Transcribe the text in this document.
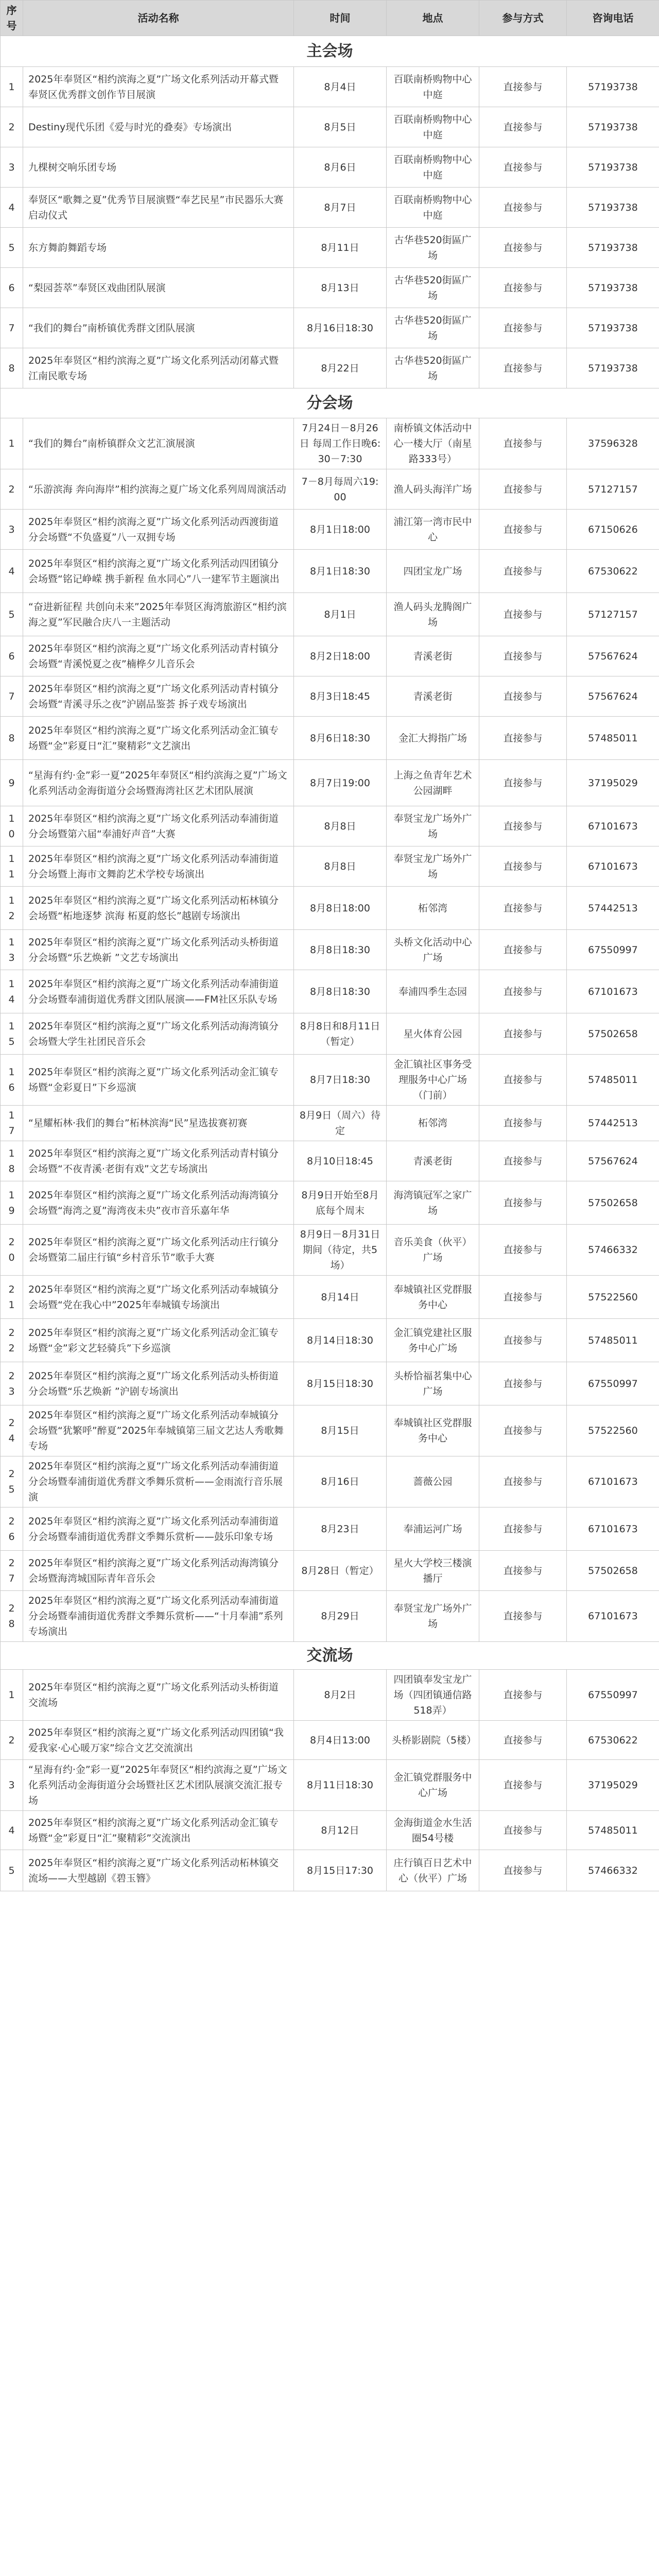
序号	活动名称	时间	地点	参与方式	咨询电话
主会场					
1	2025年奉贤区“相约滨海之夏”广场文化系列活动开幕式暨奉贤区优秀群文创作节目展演	8月4日	百联南桥购物中心中庭	直接参与	57193738
2	Destiny现代乐团《爱与时光的叠奏》专场演出	8月5日	百联南桥购物中心中庭	直接参与	57193738
3	九棵树交响乐团专场	8月6日	百联南桥购物中心中庭	直接参与	57193738
4	奉贤区“歌舞之夏”优秀节目展演暨“奉艺民星”市民器乐大赛启动仪式	8月7日	百联南桥购物中心中庭	直接参与	57193738
5	东方舞韵舞蹈专场	8月11日	古华巷520街區广场	直接参与	57193738
6	“梨园荟萃”奉贤区戏曲团队展演	8月13日	古华巷520街區广场	直接参与	57193738
7	“我们的舞台”南桥镇优秀群文团队展演	8月16日18:30	古华巷520街區广场	直接参与	57193738
8	2025年奉贤区“相约滨海之夏”广场文化系列活动闭幕式暨江南民歌专场	8月22日	古华巷520街區广场	直接参与	57193738
分会场					
1	“我们的舞台”南桥镇群众文艺汇演展演	7月24日－8月26日 每周工作日晚6:30－7:30	南桥镇文体活动中心一楼大厅（南星路333号）	直接参与	37596328
2	“乐游滨海 奔向海岸”相约滨海之夏广场文化系列周周演活动	7－8月每周六19:00	渔人码头海洋广场	直接参与	57127157
3	2025年奉贤区“相约滨海之夏”广场文化系列活动西渡街道分会场暨“不负盛夏”八一双拥专场	8月1日18:00	浦江第一湾市民中心	直接参与	67150626
4	2025年奉贤区“相约滨海之夏”广场文化系列活动四团镇分会场暨“铭记峥嵘 携手新程 鱼水同心”八一建军节主题演出	8月1日18:30	四团宝龙广场	直接参与	67530622
5	“奋进新征程 共创向未来”2025年奉贤区海湾旅游区“相约滨海之夏”军民融合庆八一主题活动	8月1日	渔人码头龙腾阁广场	直接参与	57127157
6	2025年奉贤区“相约滨海之夏”广场文化系列活动青村镇分会场暨“青溪悦夏之夜”楠桦夕儿音乐会	8月2日18:00	青溪老街	直接参与	57567624
7	2025年奉贤区“相约滨海之夏”广场文化系列活动青村镇分会场暨“青溪寻乐之夜”沪剧品鉴荟 拆子戏专场演出	8月3日18:45	青溪老街	直接参与	57567624
8	2025年奉贤区“相约滨海之夏”广场文化系列活动金汇镇专场暨“金”彩夏日“汇”聚精彩”文艺演出	8月6日18:30	金汇大拇指广场	直接参与	57485011
9	“星海有约·金”彩一夏”2025年奉贤区“相约滨海之夏”广场文化系列活动金海街道分会场暨海湾社区艺术团队展演	8月7日19:00	上海之鱼青年艺术公园湖畔	直接参与	37195029
10	2025年奉贤区“相约滨海之夏”广场文化系列活动奉浦街道分会场暨第六届“奉浦好声音”大赛	8月8日	奉贤宝龙广场外广场	直接参与	67101673
11	2025年奉贤区“相约滨海之夏”广场文化系列活动奉浦街道分会场暨上海市文舞韵艺术学校专场演出	8月8日	奉贤宝龙广场外广场	直接参与	67101673
12	2025年奉贤区“相约滨海之夏”广场文化系列活动柘林镇分会场暨“柘地逐梦 滨海 柘夏韵悠长”越剧专场演出	8月8日18:00	柘邻湾	直接参与	57442513
13	2025年奉贤区“相约滨海之夏”广场文化系列活动头桥街道分会场暨“乐艺焕新 ”文艺专场演出	8月8日18:30	头桥文化活动中心广场	直接参与	67550997
14	2025年奉贤区“相约滨海之夏”广场文化系列活动奉浦街道分会场暨奉浦街道优秀群文团队展演——FM社区乐队专场	8月8日18:30	奉浦四季生态园	直接参与	67101673
15	2025年奉贤区“相约滨海之夏”广场文化系列活动海湾镇分会场暨大学生社团民音乐会	8月8日和8月11日（暂定）	星火体育公园	直接参与	57502658
16	2025年奉贤区“相约滨海之夏”广场文化系列活动金汇镇专场暨“金彩夏日”下乡巡演	8月7日18:30	金汇镇社区事务受理服务中心广场（门前）	直接参与	57485011
17	“星耀柘林·我们的舞台”柘林滨海“民”星选拔赛初赛	8月9日（周六）待定	柘邻湾	直接参与	57442513
18	2025年奉贤区“相约滨海之夏”广场文化系列活动青村镇分会场暨“不夜青溪·老街有戏”文艺专场演出	8月10日18:45	青溪老街	直接参与	57567624
19	2025年奉贤区“相约滨海之夏”广场文化系列活动海湾镇分会场暨“海湾之夏”海湾夜未央”夜市音乐嘉年华	8月9日开始至8月底每个周末	海湾镇冠军之家广场	直接参与	57502658
20	2025年奉贤区“相约滨海之夏”广场文化系列活动庄行镇分会场暨第二届庄行镇“乡村音乐节”歌手大赛	8月9日－8月31日期间（待定，共5场）	音乐美食（伙平）广场	直接参与	57466332
21	2025年奉贤区“相约滨海之夏”广场文化系列活动奉城镇分会场暨“党在我心中”2025年奉城镇专场演出	8月14日	奉城镇社区党群服务中心	直接参与	57522560
22	2025年奉贤区“相约滨海之夏”广场文化系列活动金汇镇专场暨“金”彩文艺轻骑兵”下乡巡演	8月14日18:30	金汇镇党建社区服务中心广场	直接参与	57485011
23	2025年奉贤区“相约滨海之夏”广场文化系列活动头桥街道分会场暨“乐艺焕新 ”沪剧专场演出	8月15日18:30	头桥恰福茗集中心广场	直接参与	67550997
24	2025年奉贤区“相约滨海之夏”广场文化系列活动奉城镇分会场暨“犹繁呼”醉夏”2025年奉城镇第三届文艺达人秀歌舞专场	8月15日	奉城镇社区党群服务中心	直接参与	57522560
25	2025年奉贤区“相约滨海之夏”广场文化系列活动奉浦街道分会场暨奉浦街道优秀群文季舞乐赏析——金雨流行音乐展演	8月16日	蔷薇公园	直接参与	67101673
26	2025年奉贤区“相约滨海之夏”广场文化系列活动奉浦街道分会场暨奉浦街道优秀群文季舞乐赏析——鼓乐印象专场	8月23日	奉浦运河广场	直接参与	67101673
27	2025年奉贤区“相约滨海之夏”广场文化系列活动海湾镇分会场暨海湾城国际青年音乐会	8月28日（暂定）	星火大学校三楼演播厅	直接参与	57502658
28	2025年奉贤区“相约滨海之夏”广场文化系列活动奉浦街道分会场暨奉浦街道优秀群文季舞乐赏析——“十月奉浦”系列专场演出	8月29日	奉贤宝龙广场外广场	直接参与	67101673
交流场					
1	2025年奉贤区“相约滨海之夏”广场文化系列活动头桥街道交流场	8月2日	四团镇奉发宝龙广场（四团镇通信路518弄）	直接参与	67550997
2	2025年奉贤区“相约滨海之夏”广场文化系列活动四团镇“我爱我家·心心暖万家”综合文艺交流演出	8月4日13:00	头桥影剧院（5楼）	直接参与	67530622
3	“星海有约·金”彩一夏”2025年奉贤区“相约滨海之夏”广场文化系列活动金海街道分会场暨社区艺术团队展演交流汇报专场	8月11日18:30	金汇镇党群服务中心广场	直接参与	37195029
4	2025年奉贤区“相约滨海之夏”广场文化系列活动金汇镇专场暨“金”彩夏日“汇”聚精彩”交流演出	8月12日	金海街道金水生活圈54号楼	直接参与	57485011
5	2025年奉贤区“相约滨海之夏”广场文化系列活动柘林镇交流场——大型越剧《碧玉簪》	8月15日17:30	庄行镇百日艺术中心（伙平）广场	直接参与	57466332
